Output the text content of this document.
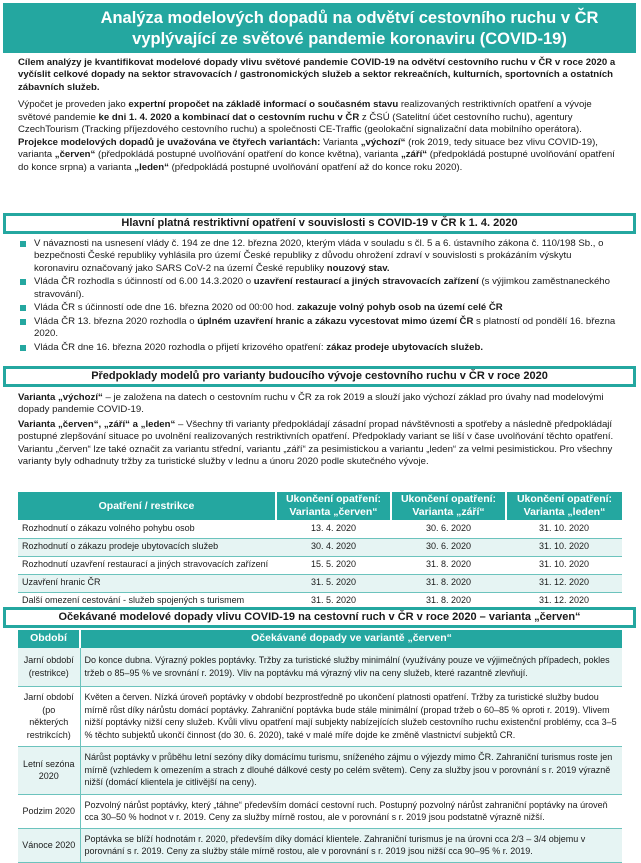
Analýza modelových dopadů na odvětví cestovního ruchu v ČR
vyplývající ze světové pandemie koronaviru (COVID-19)

Cílem analýzy je kvantifikovat modelové dopady vlivu světové pandemie COVID-19 na odvětví cestovního ruchu v ČR v roce 2020 a vyčíslit celkové dopady na sektor stravovacích / gastronomických služeb a sektor rekreačních, kulturních, sportovních a ostatních zábavních služeb.

Výpočet je proveden jako expertní propočet na základě informací o současném stavu realizovaných restriktivních opatření a vývoje světové pandemie ke dni 1. 4. 2020 a kombinací dat o cestovním ruchu v ČR z ČSÚ (Satelitní účet cestovního ruchu), agentury CzechTourism (Tracking příjezdového cestovního ruchu) a společnosti CE-Traffic (geolokační signalizační data mobilního operátora). Projekce modelových dopadů je uvažována ve čtyřech variantách: Varianta „výchozí“ (rok 2019, tedy situace bez vlivu COVID-19), varianta „červen“ (předpokládá postupné uvolňování opatření do konce května), varianta „září“ (předpokládá postupné uvolňování opatření do konce srpna) a varianta „leden“ (předpokládá postupné uvolňování opatření až do konce roku 2020).

Hlavní platná restriktivní opatření v souvislosti s COVID-19 v ČR k 1. 4. 2020
V návaznosti na usnesení vlády č. 194 ze dne 12. března 2020, kterým vláda v souladu s čl. 5 a 6. ústavního zákona č. 110/198 Sb., o bezpečnosti České republiky vyhlásila pro území České republiky z důvodu ohrožení zdraví v souvislosti s prokázáním výskytu koronaviru označovaný jako SARS CoV-2 na území České republiky nouzový stav.
Vláda ČR rozhodla s účinností od 6.00 14.3.2020 o uzavření restaurací a jiných stravovacích zařízení (s výjimkou zaměstnaneckého stravování).
Vláda ČR s účinností ode dne 16. března 2020 od 00:00 hod. zakazuje volný pohyb osob na území celé ČR
Vláda ČR 13. března 2020 rozhodla o úplném uzavření hranic a zákazu vycestovat mimo území ČR s platností od pondělí 16. března 2020.
Vláda ČR dne 16. března 2020 rozhodla o přijetí krizového opatření: zákaz prodeje ubytovacích služeb.
Předpoklady modelů pro varianty budoucího vývoje cestovního ruchu v ČR v roce 2020

Varianta „výchozí“ – je založena na datech o cestovním ruchu v ČR za rok 2019 a slouží jako výchozí základ pro úvahy nad modelovými dopady pandemie COVID-19.

Varianta „červen“, „září“ a „leden“ – Všechny tři varianty předpokládají zásadní propad návštěvnosti a spotřeby a následně předpokládají postupné zlepšování situace po uvolnění realizovaných restriktivních opatření. Předpoklady variant se liší v čase uvolňování těchto opatření. Variantu „červen“ lze také označit za variantu střední, variantu „září“ za pesimistickou a variantu „leden“ za velmi pesimistickou. Pro všechny varianty byly odhadnuty tržby za turistické služby v lednu a únoru 2020 podle skutečného vývoje.

Opatření / restrikce	Ukončení opatření: Varianta „červen“	Ukončení opatření: Varianta „září“	Ukončení opatření: Varianta „leden“
Rozhodnutí o zákazu volného pohybu osob	13. 4. 2020	30. 6. 2020	31. 10. 2020
Rozhodnutí o zákazu prodeje ubytovacích služeb	30. 4. 2020	30. 6. 2020	31. 10. 2020
Rozhodnutí uzavření restaurací a jiných stravovacích zařízení	15. 5. 2020	31. 8. 2020	31. 10. 2020
Uzavření hranic ČR	31. 5. 2020	31. 8. 2020	31. 12. 2020
Další omezení cestování - služeb spojených s turismem	31. 5. 2020	31. 8. 2020	31. 12. 2020
Očekávané modelové dopady vlivu COVID-19 na cestovní ruch v ČR v roce 2020 – varianta „červen“
Období	Očekávané dopady ve variantě „červen“
Jarní období (restrikce)	Do konce dubna. Výrazný pokles poptávky. Tržby za turistické služby minimální (využívány pouze ve výjimečných případech, pokles tržeb o 85–95 % ve srovnání r. 2019). Vliv na poptávku má výrazný vliv na ceny služeb, které razantně zlevňují.
Jarní období (po některých restrikcích)	Květen a červen. Nízká úroveň poptávky v období bezprostředně po ukončení platnosti opatření. Tržby za turistické služby budou mírně růst díky nárůstu domácí poptávky. Zahraniční poptávka bude stále minimální (propad tržeb o 60–85 % oproti r. 2019). Vlivem nižší poptávky nižší ceny služeb. Kvůli vlivu opatření mají subjekty nabízejících služeb cestovního ruchu existenční problémy, cca 3–5 % těchto subjektů ukončí činnost (do 30. 6. 2020), také v malé míře dojde ke změně vlastnictví subjektů CR.
Letní sezóna 2020	Nárůst poptávky v průběhu letní sezóny díky domácímu turismu, sníženého zájmu o výjezdy mimo ČR. Zahraniční turismus roste jen mírně (vzhledem k omezením a strach z dlouhé dálkové cesty po celém světem). Ceny za služby jsou v porovnání s r. 2019 výrazně nižší (domácí klientela je citlivější na ceny).
Podzim 2020	Pozvolný nárůst poptávky, který „táhne“ především domácí cestovní ruch. Postupný pozvolný nárůst zahraniční poptávky na úroveň cca 30–50 % hodnot v r. 2019. Ceny za služby mírně rostou, ale v porovnání s r. 2019 jsou podstatně výrazně nižší.
Vánoce 2020	Poptávka se blíží hodnotám r. 2020, především díky domácí klientele. Zahraniční turismus je na úrovni cca 2/3 – 3/4 objemu v porovnání s r. 2019. Ceny za služby stále mírně rostou, ale v porovnání s r. 2019 jsou nižší cca 90–95 % r. 2019.
